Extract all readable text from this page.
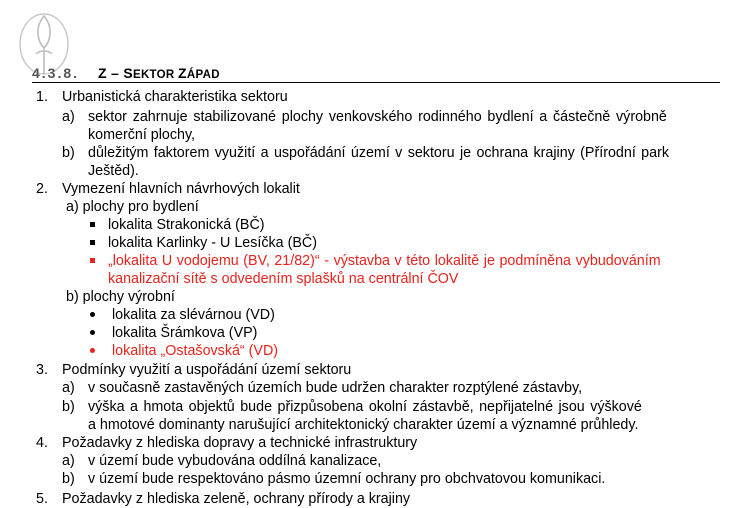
4.3.8. Z – SEKTOR ZÁPAD
1. Urbanistická charakteristika sektoru
a) sektor zahrnuje stabilizované plochy venkovského rodinného bydlení a částečně výrobně
komerční plochy,
b) důležitým faktorem využití a uspořádání území v sektoru je ochrana krajiny (Přírodní park
Ještěd).
2. Vymezení hlavních návrhových lokalit
a) plochy pro bydlení
lokalita Strakonická (BČ)
lokalita Karlinky - U Lesíčka (BČ)
„lokalita U vodojemu (BV, 21/82)“ - výstavba v této lokalitě je podmíněna vybudováním
kanalizační sítě s odvedením splašků na centrální ČOV
b) plochy výrobní
lokalita za slévárnou (VD)
lokalita Šrámkova (VP)
lokalita „Ostašovská“ (VD)
3. Podmínky využití a uspořádání území sektoru
a) v současně zastavěných územích bude udržen charakter rozptýlené zástavby,
b) výška a hmota objektů bude přizpůsobena okolní zástavbě, nepřijatelné jsou výškové
a hmotové dominanty narušující architektonický charakter území a významné průhledy.
4. Požadavky z hlediska dopravy a technické infrastruktury
a) v území bude vybudována oddílná kanalizace,
b) v území bude respektováno pásmo územní ochrany pro obchvatovou komunikaci.
5. Požadavky z hlediska zeleně, ochrany přírody a krajiny
